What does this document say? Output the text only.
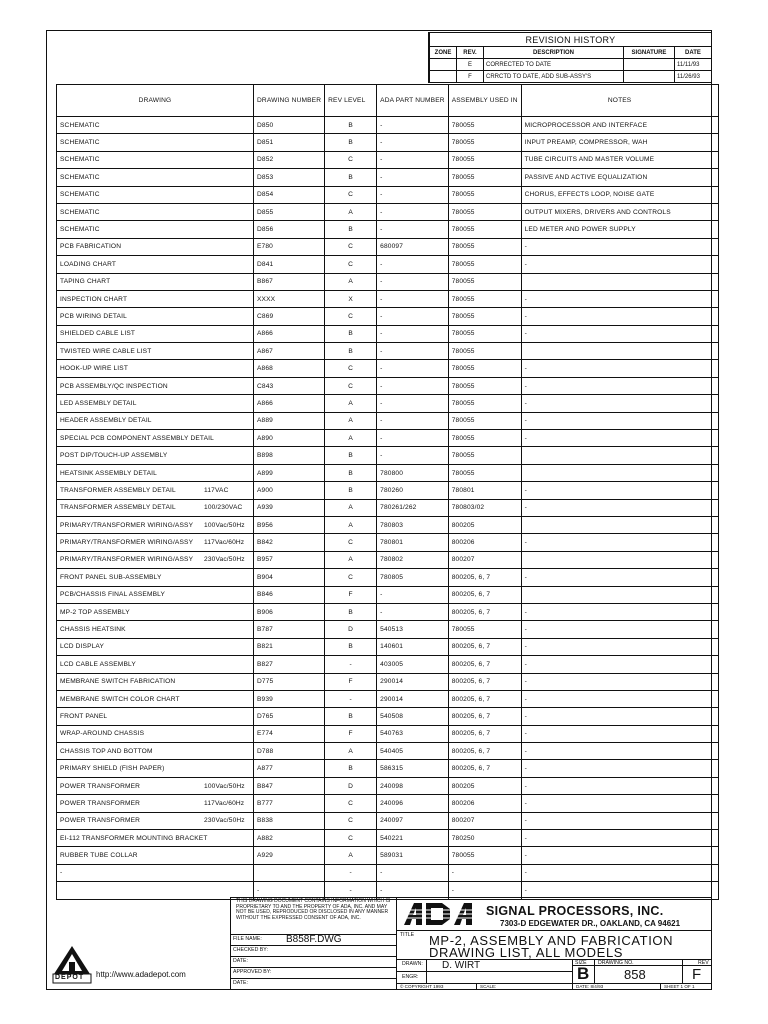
REVISION HISTORY				
ZONE	REV.	DESCRIPTION	SIGNATURE	DATE
	E	CORRECTED TO DATE		11/11/93
	F	CRRCTD TO DATE, ADD SUB-ASSY'S		11/26/93
DRAWING	DRAWING NUMBER	REV LEVEL	ADA PART NUMBER	ASSEMBLY USED IN	NOTES
SCHEMATIC	D850	B	-	780055	MICROPROCESSOR AND INTERFACE
SCHEMATIC	D851	B	-	780055	INPUT PREAMP, COMPRESSOR, WAH
SCHEMATIC	D852	C	-	780055	TUBE CIRCUITS AND MASTER VOLUME
SCHEMATIC	D853	B	-	780055	PASSIVE AND ACTIVE EQUALIZATION
SCHEMATIC	D854	C	-	780055	CHORUS, EFFECTS LOOP, NOISE GATE
SCHEMATIC	D855	A	-	780055	OUTPUT MIXERS, DRIVERS AND CONTROLS
SCHEMATIC	D856	B	-	780055	LED METER AND POWER SUPPLY
PCB FABRICATION	E780	C	680097	780055	-
LOADING CHART	D841	C	-	780055	-
TAPING CHART	B867	A	-	780055	
INSPECTION CHART	XXXX	X	-	780055	-
PCB WIRING DETAIL	C869	C	-	780055	-
SHIELDED CABLE LIST	A866	B	-	780055	-
TWISTED WIRE CABLE LIST	A867	B	-	780055	
HOOK-UP WIRE LIST	A868	C	-	780055	-
PCB ASSEMBLY/QC INSPECTION	C843	C	-	780055	-
LED ASSEMBLY DETAIL	A866	A	-	780055	-
HEADER ASSEMBLY DETAIL	A889	A	-	780055	-
SPECIAL PCB COMPONENT ASSEMBLY DETAIL	A890	A	-	780055	-
POST DIP/TOUCH-UP ASSEMBLY	B898	B	-	780055	
HEATSINK ASSEMBLY DETAIL	A899	B	780800	780055	
TRANSFORMER ASSEMBLY DETAIL 117VAC	A900	B	780260	780801	-
TRANSFORMER ASSEMBLY DETAIL 100/230VAC	A939	A	780261/262	780803/02	-
PRIMARY/TRANSFORMER WIRING/ASSY 100Vac/50Hz	B956	A	780803	800205	
PRIMARY/TRANSFORMER WIRING/ASSY 117Vac/60Hz	B842	C	780801	800206	-
PRIMARY/TRANSFORMER WIRING/ASSY 230Vac/50Hz	B957	A	780802	800207	
FRONT PANEL SUB-ASSEMBLY	B904	C	780805	800205, 6, 7	-
PCB/CHASSIS FINAL ASSEMBLY	B846	F	-	800205, 6, 7	
MP-2 TOP ASSEMBLY	B906	B	-	800205, 6, 7	-
CHASSIS HEATSINK	B787	D	540513	780055	-
LCD DISPLAY	B821	B	140601	800205, 6, 7	-
LCD CABLE ASSEMBLY	B827	-	403005	800205, 6, 7	-
MEMBRANE SWITCH FABRICATION	D775	F	290014	800205, 6, 7	-
MEMBRANE SWITCH COLOR CHART	B939	-	290014	800205, 6, 7	-
FRONT PANEL	D765	B	540508	800205, 6, 7	-
WRAP-AROUND CHASSIS	E774	F	540763	800205, 6, 7	-
CHASSIS TOP AND BOTTOM	D788	A	540405	800205, 6, 7	-
PRIMARY SHIELD (FISH PAPER)	A877	B	586315	800205, 6, 7	-
POWER TRANSFORMER 100Vac/50Hz	B847	D	240098	800205	-
POWER TRANSFORMER 117Vac/60Hz	B777	C	240096	800206	-
POWER TRANSFORMER 230Vac/50Hz	B838	C	240097	800207	-
EI-112 TRANSFORMER MOUNTING BRACKET	A882	C	540221	780250	-
RUBBER TUBE COLLAR	A929	A	589031	780055	-
-		-	-	-	-

	-	-	-	-	-
DEPOT http://www.adadepot.com
THIS DRAWING DOCUMENT CONTAINS INFORMATION WHICH IS PROPRIETARY TO AND THE PROPERTY OF ADA, INC. AND MAY NOT BE USED, REPRODUCED OR DISCLOSED IN ANY MANNER WITHOUT THE EXPRESSED CONSENT OF ADA, INC.
FILE NAME: B858F.DWG
CHECKED BY:
DATE:
APPROVED BY:
DATE:
SIGNAL PROCESSORS, INC.
7303-D EDGEWATER DR., OAKLAND, CA 94621
TITLE MP-2, ASSEMBLY AND FABRICATION
DRAWING LIST, ALL MODELS
DRAWN: D. WIRT
ENGR:
SIZE
B
DRAWING NO.
858
REV
F
© COPYRIGHT 1993	SCALE:	DATE: 8/4/93	SHEET 1 OF 1
